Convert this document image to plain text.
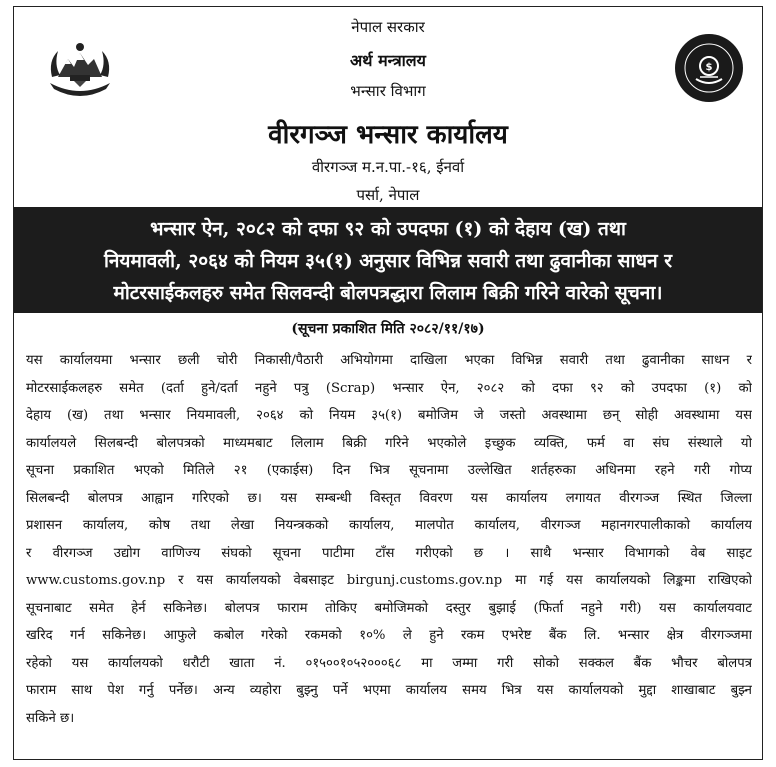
नेपाल सरकार
अर्थ मन्त्रालय
भन्सार विभाग
वीरगञ्ज भन्सार कार्यालय
वीरगञ्ज म.न.पा.-१६, ईनर्वा
पर्सा, नेपाल
$
भन्सार ऐन, २०८२ को दफा ९२ को उपदफा (१) को देहाय (ख) तथा
नियमावली, २०६४ को नियम ३५(१) अनुसार विभिन्न सवारी तथा ढुवानीका साधन र
मोटरसाईकलहरु समेत सिलवन्दी बोलपत्रद्धारा लिलाम बिक्री गरिने वारेको सूचना।
(सूचना प्रकाशित मिति २०८२/११/१७)
यस कार्यालयमा भन्सार छली चोरी निकासी/पैठारी अभियोगमा दाखिला भएका विभिन्न सवारी तथा ढुवानीका साधन र
मोटरसाईकलहरु समेत (दर्ता हुने/दर्ता नहुने पत्रु (Scrap) भन्सार ऐन, २०८२ को दफा ९२ को उपदफा (१) को
देहाय (ख) तथा भन्सार नियमावली, २०६४ को नियम ३५(१) बमोजिम जे जस्तो अवस्थामा छन् सोही अवस्थामा यस
कार्यालयले सिलबन्दी बोलपत्रको माध्यमबाट लिलाम बिक्री गरिने भएकोले इच्छुक व्यक्ति, फर्म वा संघ संस्थाले यो
सूचना प्रकाशित भएको मितिले २१ (एकाईस) दिन भित्र सूचनामा उल्लेखित शर्तहरुका अधिनमा रहने गरी गोप्य
सिलबन्दी बोलपत्र आह्वान गरिएको छ। यस सम्बन्धी विस्तृत विवरण यस कार्यालय लगायत वीरगञ्ज स्थित जिल्ला
प्रशासन कार्यालय, कोष तथा लेखा नियन्त्रकको कार्यालय, मालपोत कार्यालय, वीरगञ्ज महानगरपालीकाको कार्यालय
र वीरगञ्ज उद्योग वाणिज्य संघको सूचना पाटीमा टाँस गरीएको छ । साथै भन्सार विभागको वेब साइट
www.customs.gov.np र यस कार्यालयको वेबसाइट birgunj.customs.gov.np मा गई यस कार्यालयको लिङ्कमा राखिएको
सूचनाबाट समेत हेर्न सकिनेछ। बोलपत्र फाराम तोकिए बमोजिमको दस्तुर बुझाई (फिर्ता नहुने गरी) यस कार्यालयवाट
खरिद गर्न सकिनेछ। आफुले कबोल गरेको रकमको १०% ले हुने रकम एभरेष्ट बैंक लि. भन्सार क्षेत्र वीरगञ्जमा
रहेको यस कार्यालयको धरौटी खाता नं. ०१५००१०५२०००६८ मा जम्मा गरी सोको सक्कल बैंक भौचर बोलपत्र
फाराम साथ पेश गर्नु पर्नेछ। अन्य व्यहोरा बुझ्नु पर्ने भएमा कार्यालय समय भित्र यस कार्यालयको मुद्दा शाखाबाट बुझ्न
सकिने छ।
